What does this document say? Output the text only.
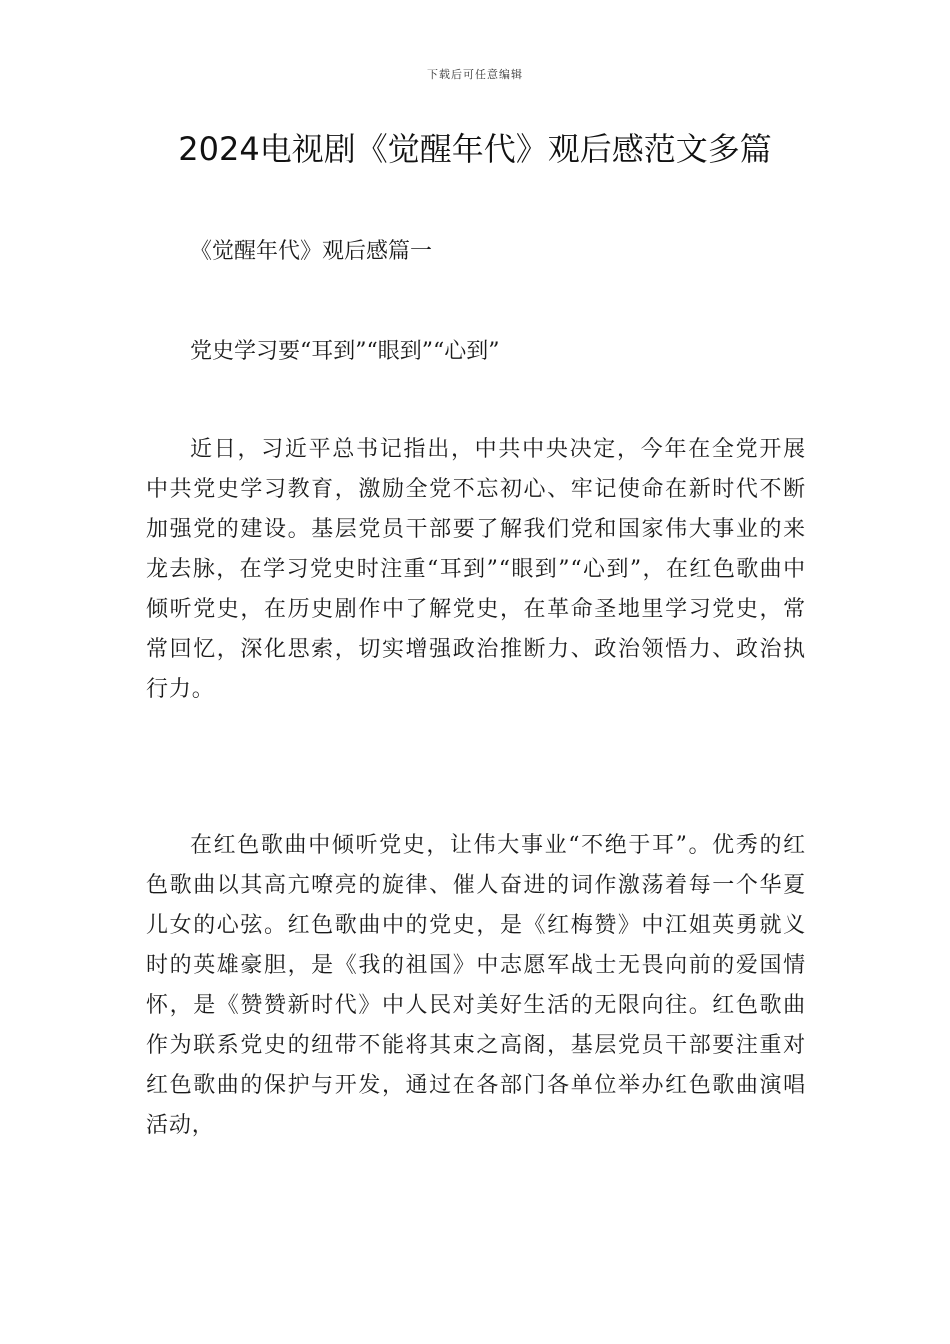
下载后可任意编辑
2024电视剧《觉醒年代》观后感范文多篇

《觉醒年代》观后感篇一

党史学习要“耳到”“眼到”“心到”

近日，习近平总书记指出，中共中央决定，今年在全党开展中共党史学习教育，激励全党不忘初心、牢记使命在新时代不断加强党的建设。基层党员干部要了解我们党和国家伟大事业的来龙去脉，在学习党史时注重“耳到”“眼到”“心到”，在红色歌曲中倾听党史，在历史剧作中了解党史，在革命圣地里学习党史，常常回忆，深化思索，切实增强政治推断力、政治领悟力、政治执行力。

在红色歌曲中倾听党史，让伟大事业“不绝于耳”。优秀的红色歌曲以其高亢嘹亮的旋律、催人奋进的词作激荡着每一个华夏儿女的心弦。红色歌曲中的党史，是《红梅赞》中江姐英勇就义时的英雄豪胆，是《我的祖国》中志愿军战士无畏向前的爱国情怀，是《赞赞新时代》中人民对美好生活的无限向往。红色歌曲作为联系党史的纽带不能将其束之高阁，基层党员干部要注重对红色歌曲的保护与开发，通过在各部门各单位举办红色歌曲演唱活动，
